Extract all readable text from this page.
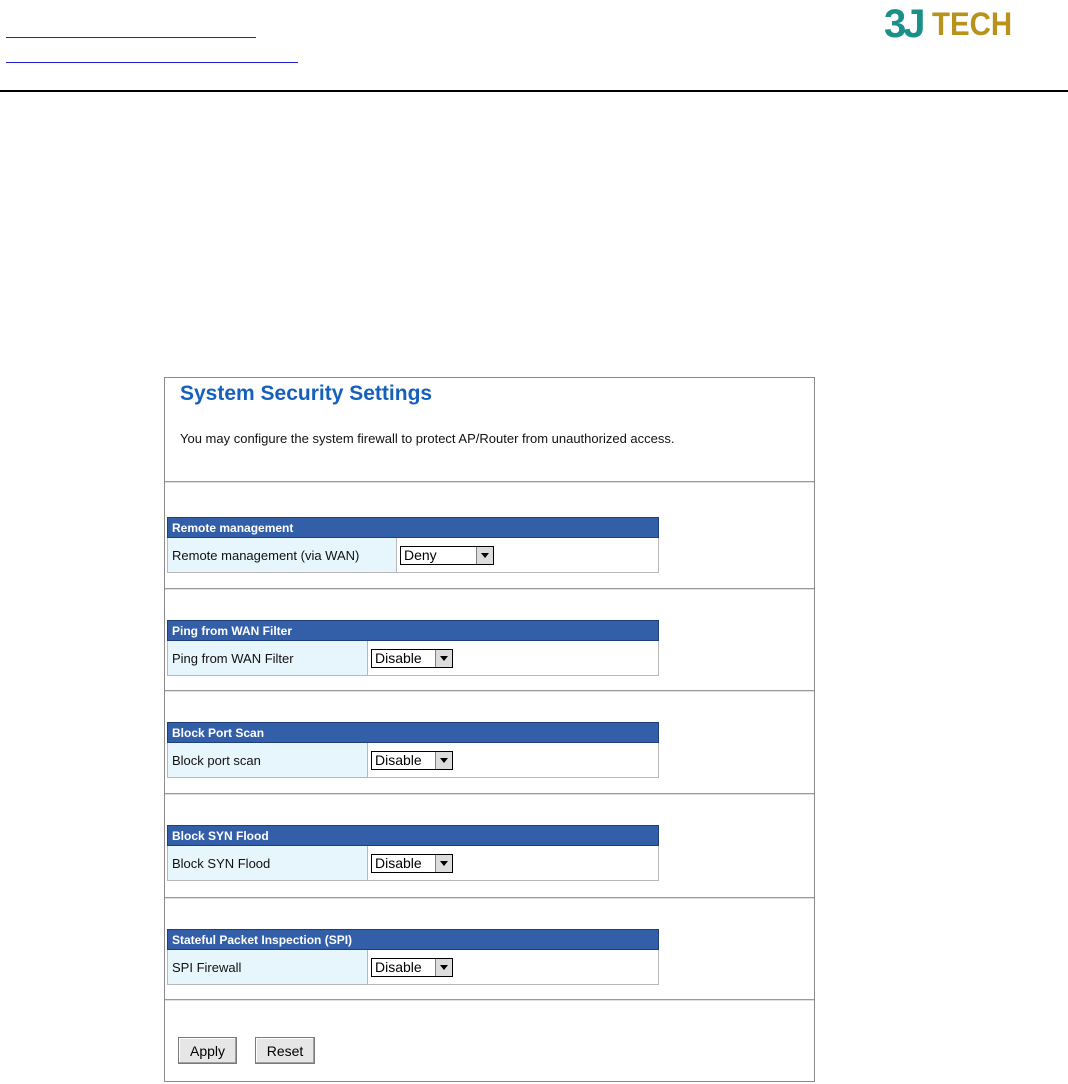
3J TECH
System Security Settings
You may configure the system firewall to protect AP/Router from unauthorized access.
Remote management
Remote management (via WAN)	Deny
Ping from WAN Filter
Ping from WAN Filter	Disable
Block Port Scan
Block port scan	Disable
Block SYN Flood
Block SYN Flood	Disable
Stateful Packet Inspection (SPI)
SPI Firewall	Disable
Apply	Reset
